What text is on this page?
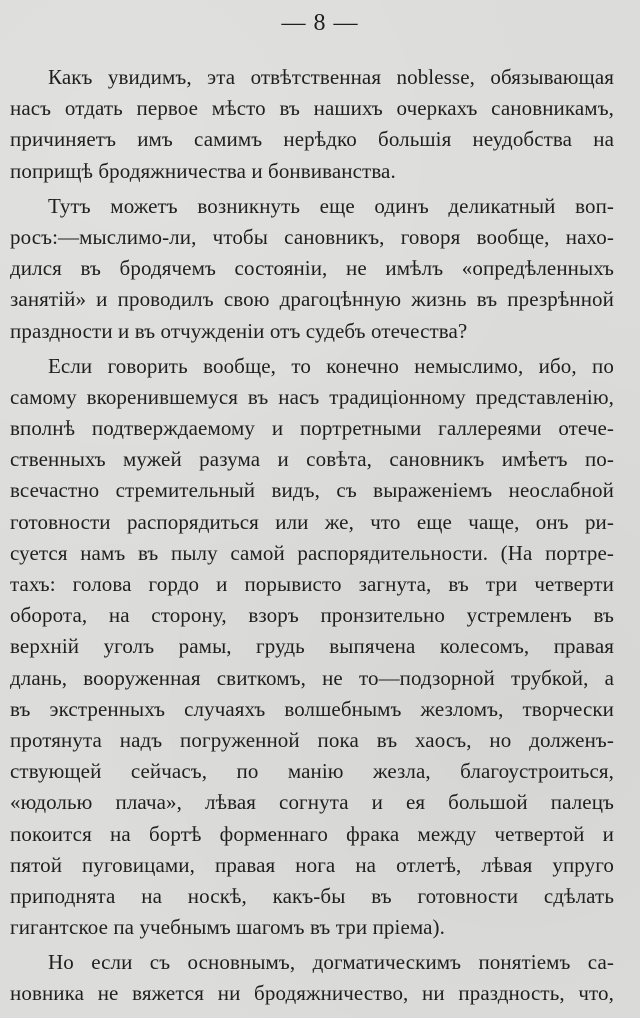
— 8 —
Какъ увидимъ, эта отвѣтственная noblesse, обязывающая
насъ отдать первое мѣсто въ нашихъ очеркахъ сановникамъ,
причиняетъ имъ самимъ нерѣдко большія неудобства на
поприщѣ бродяжничества и бонвиванства.
Тутъ можетъ возникнуть еще одинъ деликатный воп-
росъ:—мыслимо-ли, чтобы сановникъ, говоря вообще, нахо-
дился въ бродячемъ состояніи, не имѣлъ «опредѣленныхъ
занятій» и проводилъ свою драгоцѣнную жизнь въ презрѣнной
праздности и въ отчужденіи отъ судебъ отечества?
Если говорить вообще, то конечно немыслимо, ибо, по
самому вкоренившемуся въ насъ традиціонному представленію,
вполнѣ подтверждаемому и портретными галлереями отече-
ственныхъ мужей разума и совѣта, сановникъ имѣетъ по-
всечастно стремительный видъ, съ выраженіемъ неослабной
готовности распорядиться или же, что еще чаще, онъ ри-
суется намъ въ пылу самой распорядительности. (На портре-
тахъ: голова гордо и порывисто загнута, въ три четверти
оборота, на сторону, взоръ пронзительно устремленъ въ
верхній уголъ рамы, грудь выпячена колесомъ, правая
длань, вооруженная свиткомъ, не то—подзорной трубкой, а
въ экстренныхъ случаяхъ волшебнымъ жезломъ, творчески
протянута надъ погруженной пока въ хаосъ, но долженъ-
ствующей сейчасъ, по манію жезла, благоустроиться,
«юдолью плача», лѣвая согнута и ея большой палецъ
покоится на бортѣ форменнаго фрака между четвертой и
пятой пуговицами, правая нога на отлетѣ, лѣвая упруго
приподнята на носкѣ, какъ-бы въ готовности сдѣлать
гигантское па учебнымъ шагомъ въ три пріема).
Но если съ основнымъ, догматическимъ понятіемъ са-
новника не вяжется ни бродяжничество, ни праздность, что,
